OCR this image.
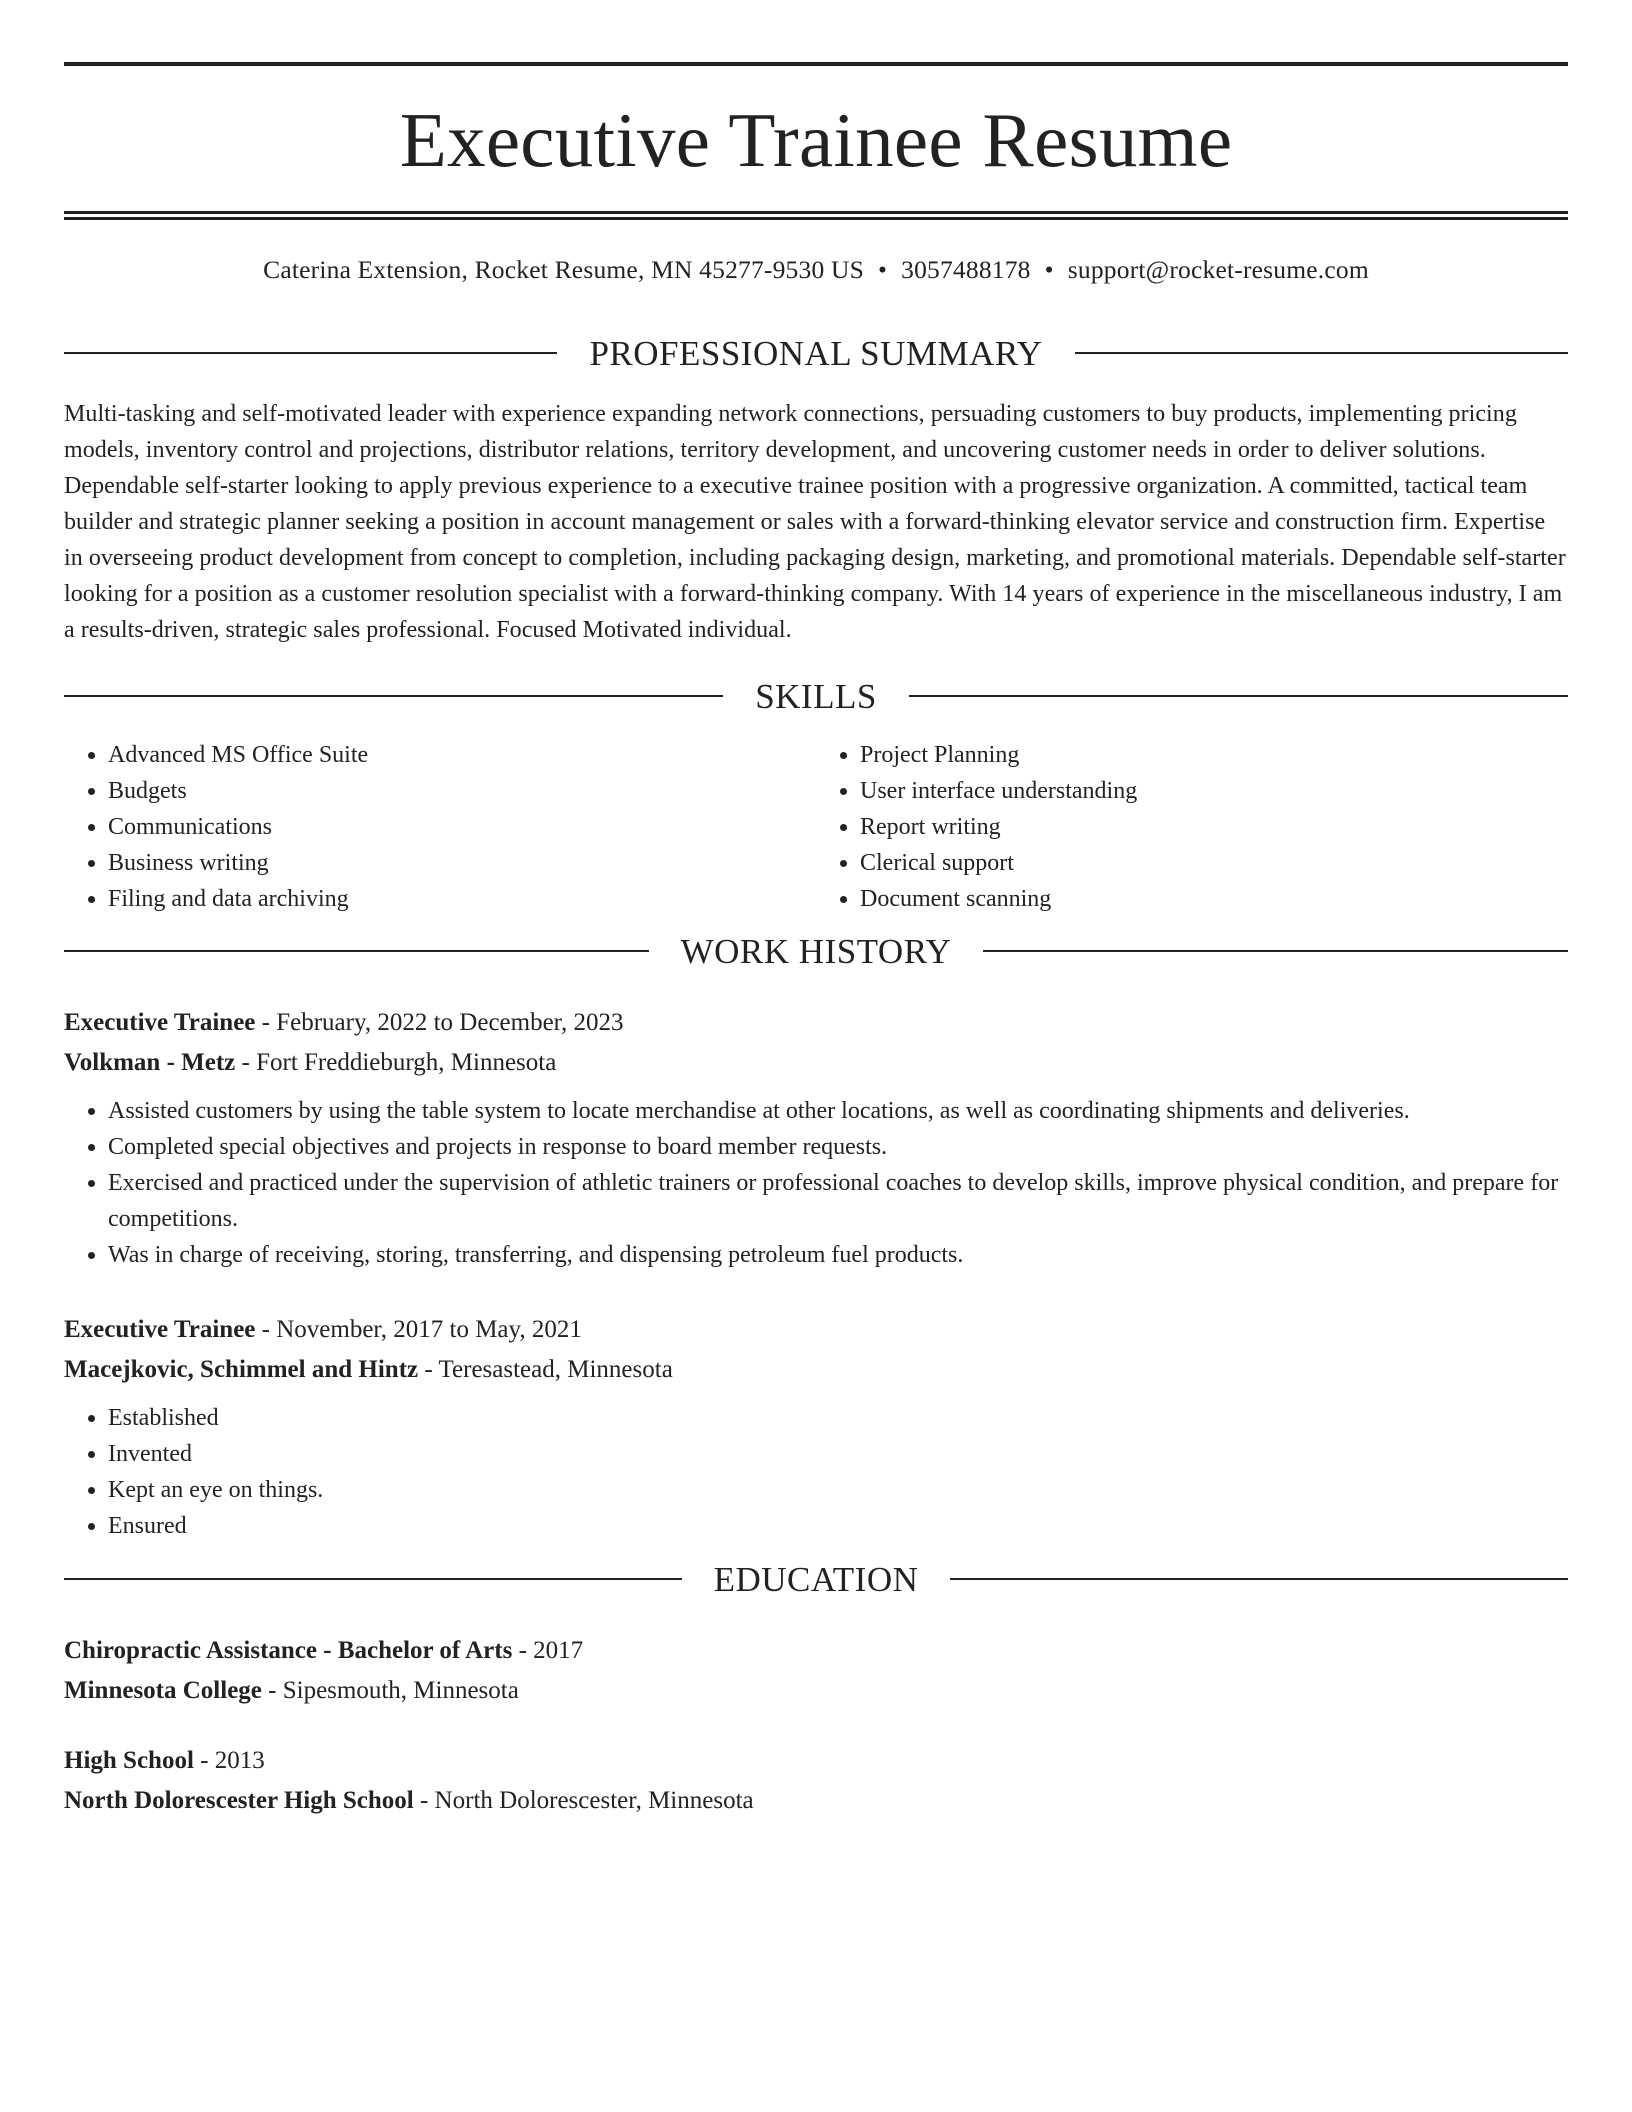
Executive Trainee Resume
Caterina Extension, Rocket Resume, MN 45277-9530 US • 3057488178 • support@rocket-resume.com
PROFESSIONAL SUMMARY

Multi-tasking and self-motivated leader with experience expanding network connections, persuading customers to buy products, implementing pricing models, inventory control and projections, distributor relations, territory development, and uncovering customer needs in order to deliver solutions. Dependable self-starter looking to apply previous experience to a executive trainee position with a progressive organization. A committed, tactical team builder and strategic planner seeking a position in account management or sales with a forward-thinking elevator service and construction firm. Expertise in overseeing product development from concept to completion, including packaging design, marketing, and promotional materials. Dependable self-starter looking for a position as a customer resolution specialist with a forward-thinking company. With 14 years of experience in the miscellaneous industry, I am a results-driven, strategic sales professional. Focused Motivated individual.

SKILLS
• Advanced MS Office Suite
• Budgets
• Communications
• Business writing
• Filing and data archiving
• Project Planning
• User interface understanding
• Report writing
• Clerical support
• Document scanning
WORK HISTORY
Executive Trainee - February, 2022 to December, 2023
Volkman - Metz - Fort Freddieburgh, Minnesota
• Assisted customers by using the table system to locate merchandise at other locations, as well as coordinating shipments and deliveries.
• Completed special objectives and projects in response to board member requests.
• Exercised and practiced under the supervision of athletic trainers or professional coaches to develop skills, improve physical condition, and prepare for competitions.
• Was in charge of receiving, storing, transferring, and dispensing petroleum fuel products.
Executive Trainee - November, 2017 to May, 2021
Macejkovic, Schimmel and Hintz - Teresastead, Minnesota
• Established
• Invented
• Kept an eye on things.
• Ensured
EDUCATION
Chiropractic Assistance - Bachelor of Arts - 2017
Minnesota College - Sipesmouth, Minnesota
High School - 2013
North Dolorescester High School - North Dolorescester, Minnesota
